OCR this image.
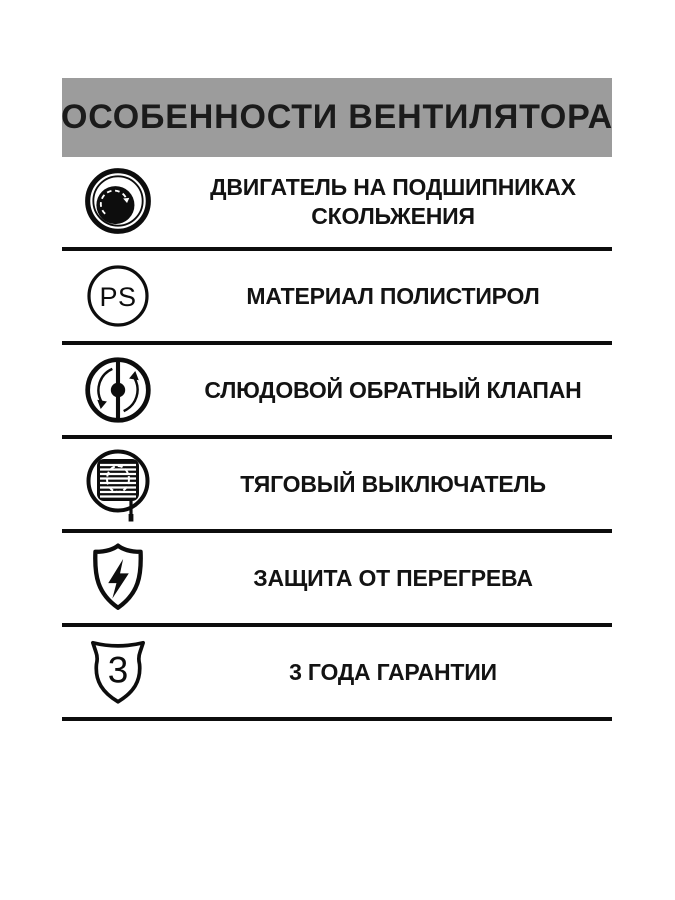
ОСОБЕННОСТИ ВЕНТИЛЯТОРА
ДВИГАТЕЛЬ НА ПОДШИПНИКАХ СКОЛЬЖЕНИЯ
PS	МАТЕРИАЛ ПОЛИСТИРОЛ
СЛЮДОВОЙ ОБРАТНЫЙ КЛАПАН
ТЯГОВЫЙ ВЫКЛЮЧАТЕЛЬ
ЗАЩИТА ОТ ПЕРЕГРЕВА
3	3 ГОДА ГАРАНТИИ
